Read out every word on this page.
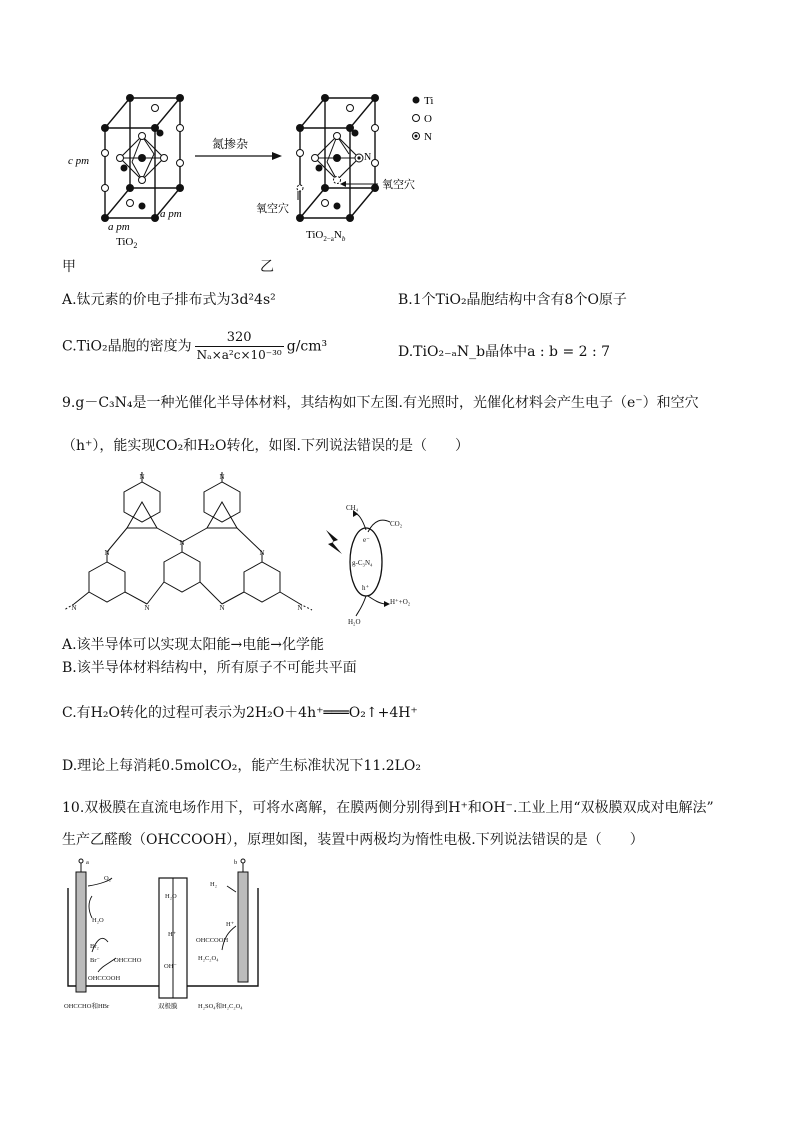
Ti
O
N
c pm
a pm
a pm
氮掺杂
N
氧空穴
氧空穴
TiO$_2$
$TiO_{2-a}N_b$
甲	乙
A.钛元素的价电子排布式为3d²4s²	B.1个TiO₂晶胞结构中含有8个O原子
C.TiO₂晶胞的密度为 $\frac{320}{\text{Nₐ×a²c×10⁻³⁰}} g/cm^3$	D.TiO₂₋ₐN_b晶体中a : b = 2 : 7
9.g－C₃N₄是一种光催化半导体材料，其结构如下左图.有光照时，光催化材料会产生电子（e⁻）和空穴
（h⁺），能实现CO₂和H₂O转化，如图.下列说法错误的是（　　）
N
N	N
N	N
N	N
N	N
CH₄
CO₂
e⁻
g-C₃N₄
h⁺
H⁺+O₂
H₂O
A.该半导体可以实现太阳能→电能→化学能
B.该半导体材料结构中，所有原子不可能共平面
C.有H₂O转化的过程可表示为2H₂O＋4h⁺═══O₂↑+4H⁺
D.理论上每消耗0.5molCO₂，能产生标准状况下11.2LO₂
10.双极膜在直流电场作用下，可将水离解，在膜两侧分别得到H⁺和OH⁻.工业上用“双极膜双成对电解法”
生产乙醛酸（OHCCOOH），原理如图，装置中两极均为惰性电极.下列说法错误的是（　　）
a
O₂
H₂O
Br₂
Br⁻ OHCCHO
OHCCOOH
H₂O
H⁺
OH⁻
b
H₂
H⁺
OHCCOOH
H₂C₂O₄
OHCCHO和HBr	双极膜	H₂SO₄和H₂C₂O₄
